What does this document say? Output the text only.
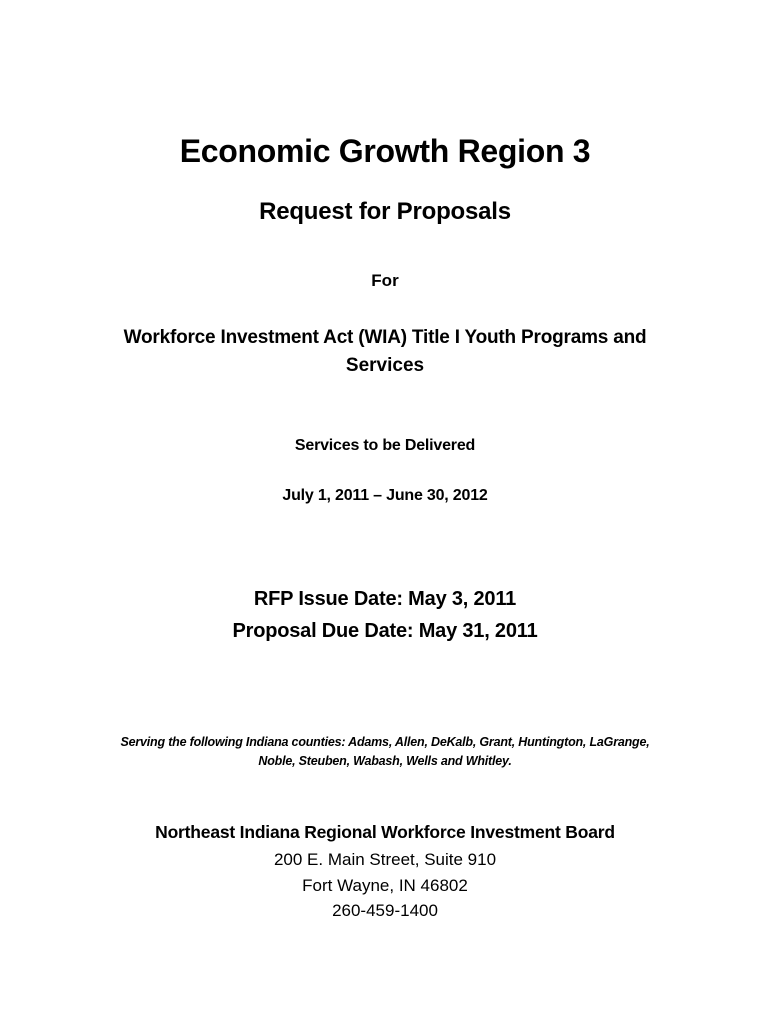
Economic Growth Region 3
Request for Proposals
For
Workforce Investment Act (WIA) Title I Youth Programs and
Services
Services to be Delivered
July 1, 2011 – June 30, 2012
RFP Issue Date: May 3, 2011
Proposal Due Date: May 31, 2011
Serving the following Indiana counties: Adams, Allen, DeKalb, Grant, Huntington, LaGrange,
Noble, Steuben, Wabash, Wells and Whitley.
Northeast Indiana Regional Workforce Investment Board
200 E. Main Street, Suite 910
Fort Wayne, IN 46802
260-459-1400
